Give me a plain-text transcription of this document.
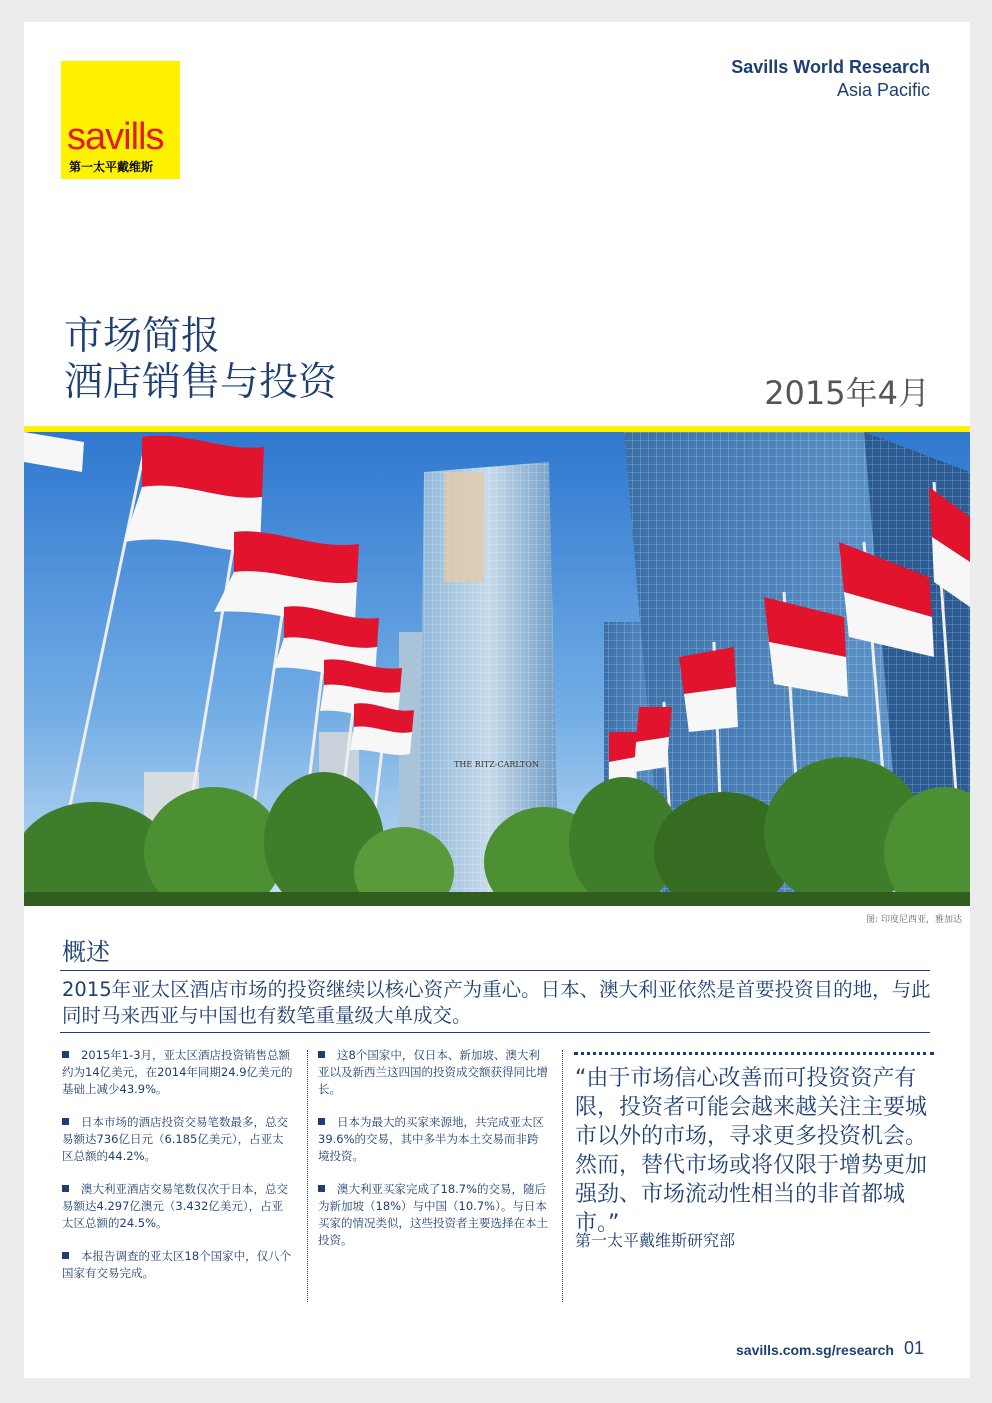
savills
第一太平戴维斯
Savills World Research
Asia Pacific
市场简报
酒店销售与投资	2015年4月
THE RITZ-CARLTON
图: 印度尼西亚，雅加达
概述
2015年亚太区酒店市场的投资继续以核心资产为重心。日本、澳大利亚依然是首要投资目的地，与此同时马来西亚与中国也有数笔重量级大单成交。

2015年1-3月，亚太区酒店投资销售总额约为14亿美元，在2014年同期24.9亿美元的基础上减少43.9%。

日本市场的酒店投资交易笔数最多，总交易额达736亿日元（6.185亿美元），占亚太区总额的44.2%。

澳大利亚酒店交易笔数仅次于日本，总交易额达4.297亿澳元（3.432亿美元），占亚太区总额的24.5%。

本报告调查的亚太区18个国家中，仅八个国家有交易完成。

这8个国家中，仅日本、新加坡、澳大利亚以及新西兰这四国的投资成交额获得同比增长。

日本为最大的买家来源地，共完成亚太区39.6%的交易，其中多半为本土交易而非跨境投资。

澳大利亚买家完成了18.7%的交易，随后为新加坡（18%）与中国（10.7%）。与日本买家的情况类似，这些投资者主要选择在本土投资。

“由于市场信心改善而可投资资产有限，投资者可能会越来越关注主要城市以外的市场，寻求更多投资机会。然而，替代市场或将仅限于增势更加强劲、市场流动性相当的非首都城市。”
第一太平戴维斯研究部
savills.com.sg/research 01
